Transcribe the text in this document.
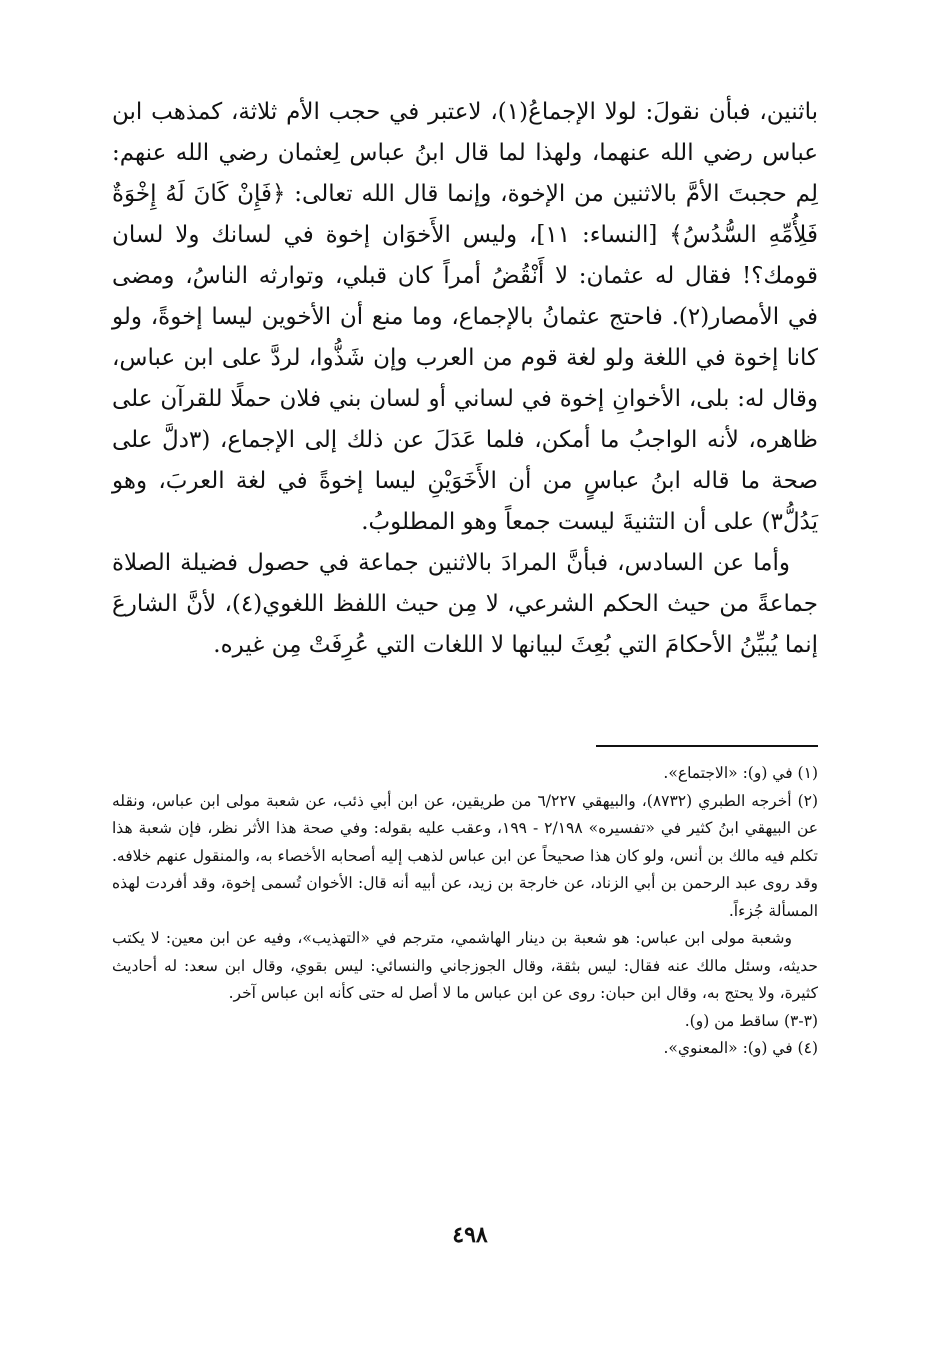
باثنين، فبأن نقولَ: لولا الإجماعُ(١)، لاعتبر في حجب الأم ثلاثة، كمذهب ابن عباس رضي الله عنهما، ولهذا لما قال ابنُ عباس لِعثمان رضي الله عنهم: لِم حجبتَ الأمَّ بالاثنين من الإخوة، وإنما قال الله تعالى: ﴿فَإِنْ كَانَ لَهُ إِخْوَةٌ فَلِأُمِّهِ السُّدُسُ﴾ [النساء: ١١]، وليس الأَخوَان إخوة في لسانك ولا لسان قومك؟! فقال له عثمان: لا أَنْقُضُ أمراً كان قبلي، وتوارثه الناسُ، ومضى في الأمصار(٢). فاحتج عثمانُ بالإجماع، وما منع أن الأخوين ليسا إخوةً، ولو كانا إخوة في اللغة ولو لغة قوم من العرب وإن شَذُّوا، لردَّ على ابن عباس، وقال له: بلى، الأخوانِ إخوة في لساني أو لسان بني فلان حملًا للقرآن على ظاهره، لأنه الواجبُ ما أمكن، فلما عَدَلَ عن ذلك إلى الإجماع، (٣دلَّ على صحة ما قاله ابنُ عباسٍ من أن الأَخَوَيْنِ ليسا إخوةً في لغة العربَ، وهو يَدُلُّ٣) على أن التثنيةَ ليست جمعاً وهو المطلوبُ.

وأما عن السادس، فبأنَّ المرادَ بالاثنين جماعة في حصول فضيلة الصلاة جماعةً من حيث الحكم الشرعي، لا مِن حيث اللفظ اللغوي(٤)، لأنَّ الشارعَ إنما يُبيِّنُ الأحكامَ التي بُعِثَ لبيانها لا اللغات التي عُرِفَتْ مِن غيره.

(١) في (و): «الاجتماع».

(٢) أخرجه الطبري (٨٧٣٢)، والبيهقي ٦/٢٢٧ من طريقين، عن ابن أبي ذئب، عن شعبة مولى ابن عباس، ونقله عن البيهقي ابنُ كثير في «تفسيره» ٢/١٩٨ - ١٩٩، وعقب عليه بقوله: وفي صحة هذا الأثر نظر، فإن شعبة هذا تكلم فيه مالك بن أنس، ولو كان هذا صحيحاً عن ابن عباس لذهب إليه أصحابه الأخصاء به، والمنقول عنهم خلافه. وقد روى عبد الرحمن بن أبي الزناد، عن خارجة بن زيد، عن أبيه أنه قال: الأخوان تُسمى إخوة، وقد أفردت لهذه المسألة جُزءاً.

وشعبة مولى ابن عباس: هو شعبة بن دينار الهاشمي، مترجم في «التهذيب»، وفيه عن ابن معين: لا يكتب حديثه، وسئل مالك عنه فقال: ليس بثقة، وقال الجوزجاني والنسائي: ليس بقوي، وقال ابن سعد: له أحاديث كثيرة، ولا يحتج به، وقال ابن حبان: روى عن ابن عباس ما لا أصل له حتى كأنه ابن عباس آخر.

(٣-٣) ساقط من (و).

(٤) في (و): «المعنوي».

٤٩٨
